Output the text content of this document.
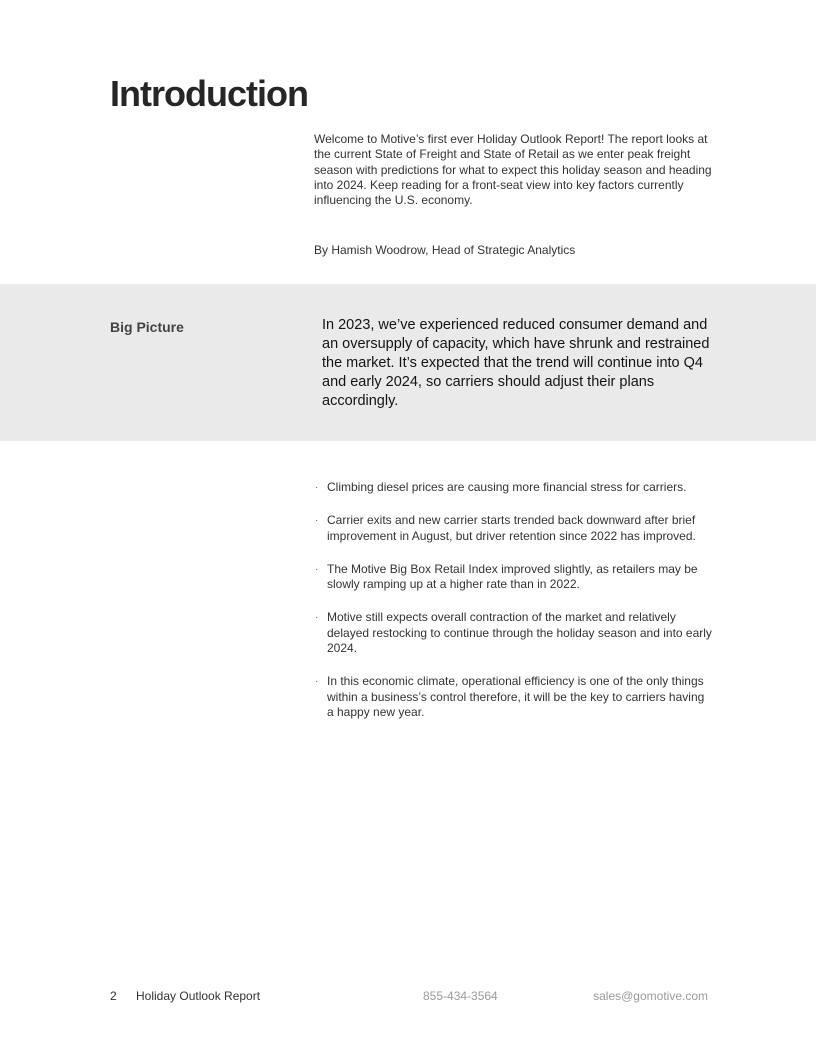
Introduction

Welcome to Motive’s first ever Holiday Outlook Report! The report looks at the current State of Freight and State of Retail as we enter peak freight season with predictions for what to expect this holiday season and heading into 2024. Keep reading for a front-seat view into key factors currently influencing the U.S. economy.

By Hamish Woodrow, Head of Strategic Analytics

Big Picture	In 2023, we’ve experienced reduced consumer demand and an oversupply of capacity, which have shrunk and restrained the market. It’s expected that the trend will continue into Q4 and early 2024, so carriers should adjust their plans accordingly.

· Climbing diesel prices are causing more financial stress for carriers.
· Carrier exits and new carrier starts trended back downward after brief improvement in August, but driver retention since 2022 has improved.
· The Motive Big Box Retail Index improved slightly, as retailers may be slowly ramping up at a higher rate than in 2022.
· Motive still expects overall contraction of the market and relatively delayed restocking to continue through the holiday season and into early 2024.
· In this economic climate, operational efficiency is one of the only things within a business’s control therefore, it will be the key to carriers having a happy new year.
2 Holiday Outlook Report	855-434-3564	sales@gomotive.com
